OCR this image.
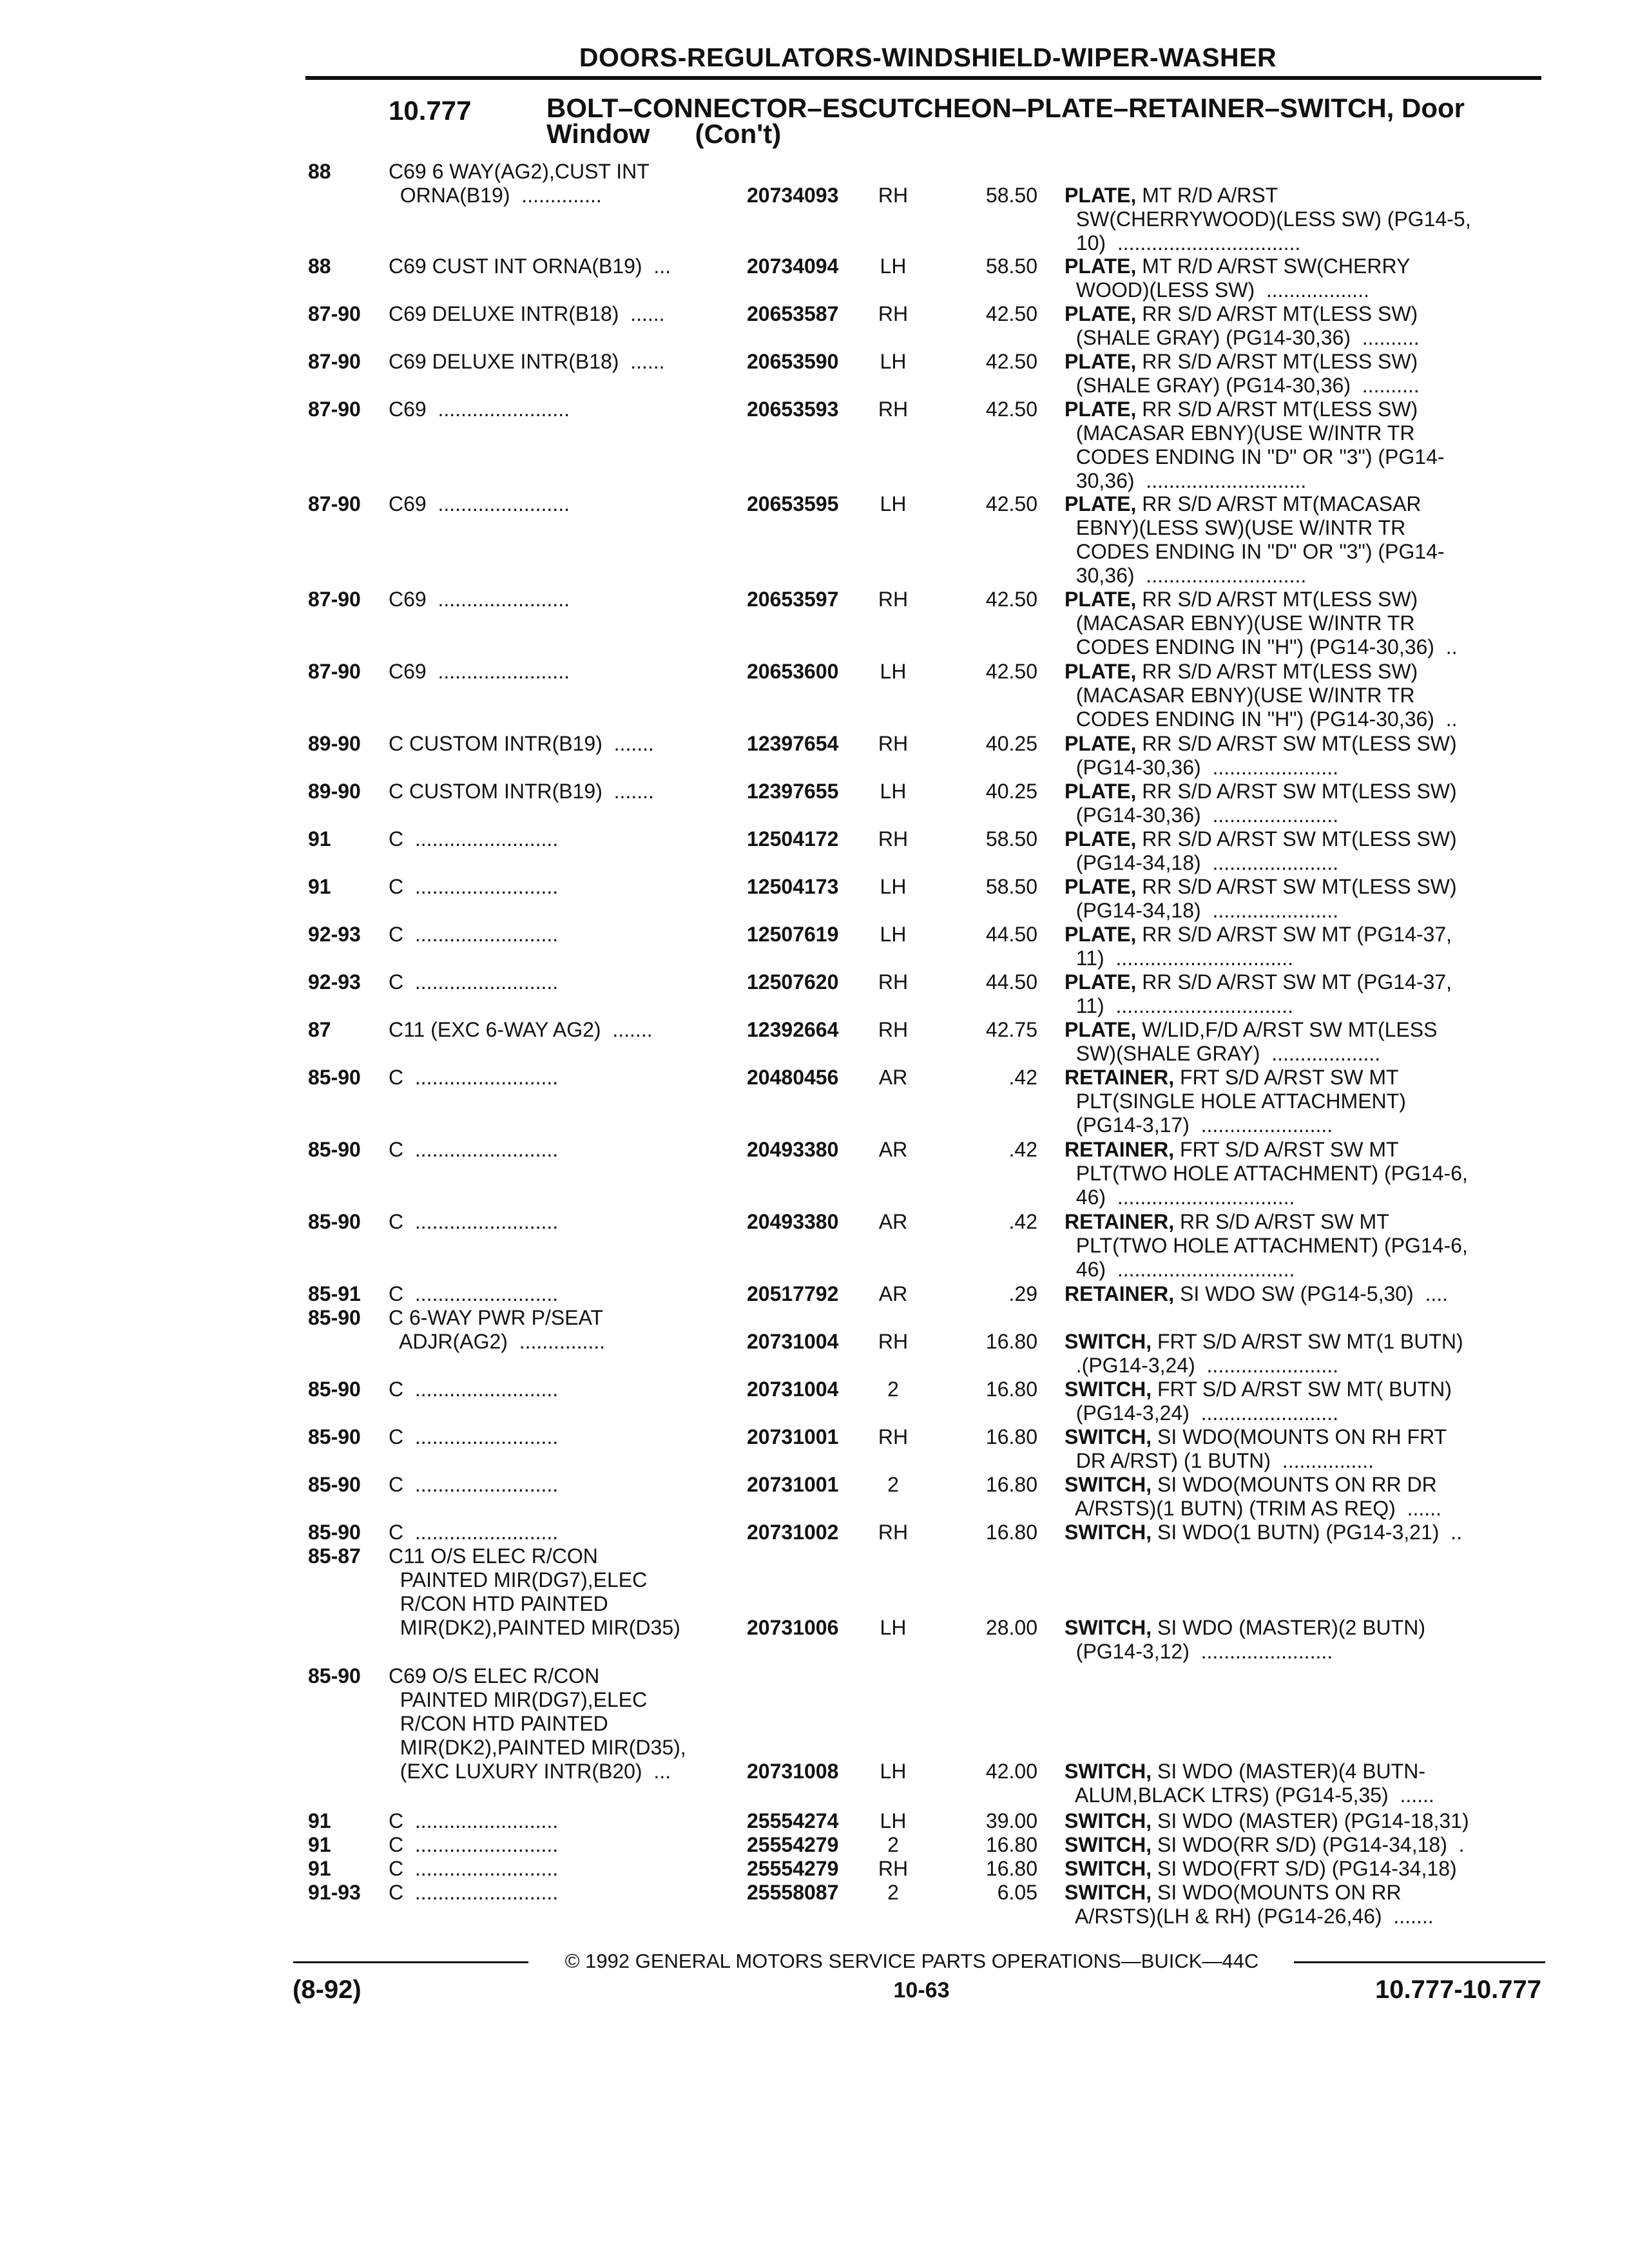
DOORS-REGULATORS-WINDSHIELD-WIPER-WASHER
10.777	BOLT–CONNECTOR–ESCUTCHEON–PLATE–RETAINER–SWITCH, Door
Window      (Con't)
88	C69 6 WAY(AG2),CUST INT
ORNA(B19)  ..............	20734093 RH	58.50 PLATE, MT R/D A/RST
SW(CHERRYWOOD)(LESS SW) (PG14-5,
10)  ................................
88	C69 CUST INT ORNA(B19)  ...	20734094 LH	58.50 PLATE, MT R/D A/RST SW(CHERRY
WOOD)(LESS SW)  ..................
87-90 C69 DELUXE INTR(B18)  ......	20653587 RH	42.50 PLATE, RR S/D A/RST MT(LESS SW)
(SHALE GRAY) (PG14-30,36)  ..........
87-90 C69 DELUXE INTR(B18)  ......	20653590 LH	42.50 PLATE, RR S/D A/RST MT(LESS SW)
(SHALE GRAY) (PG14-30,36)  ..........
87-90 C69  .......................	20653593 RH	42.50 PLATE, RR S/D A/RST MT(LESS SW)
(MACASAR EBNY)(USE W/INTR TR
CODES ENDING IN "D" OR "3") (PG14-
30,36)  ............................
87-90 C69  .......................	20653595 LH	42.50 PLATE, RR S/D A/RST MT(MACASAR
EBNY)(LESS SW)(USE W/INTR TR
CODES ENDING IN "D" OR "3") (PG14-
30,36)  ............................
87-90 C69  .......................	20653597 RH	42.50 PLATE, RR S/D A/RST MT(LESS SW)
(MACASAR EBNY)(USE W/INTR TR
CODES ENDING IN "H") (PG14-30,36)  ..
87-90 C69  .......................	20653600 LH	42.50 PLATE, RR S/D A/RST MT(LESS SW)
(MACASAR EBNY)(USE W/INTR TR
CODES ENDING IN "H") (PG14-30,36)  ..
89-90 C CUSTOM INTR(B19)  .......	12397654 RH	40.25 PLATE, RR S/D A/RST SW MT(LESS SW)
(PG14-30,36)  ......................
89-90 C CUSTOM INTR(B19)  .......	12397655 LH	40.25 PLATE, RR S/D A/RST SW MT(LESS SW)
(PG14-30,36)  ......................
91	C  .........................	12504172 RH	58.50 PLATE, RR S/D A/RST SW MT(LESS SW)
(PG14-34,18)  ......................
91	C  .........................	12504173 LH	58.50 PLATE, RR S/D A/RST SW MT(LESS SW)
(PG14-34,18)  ......................
92-93 C  .........................	12507619 LH	44.50 PLATE, RR S/D A/RST SW MT (PG14-37,
11)  ...............................
92-93 C  .........................	12507620 RH	44.50 PLATE, RR S/D A/RST SW MT (PG14-37,
11)  ...............................
87	C11 (EXC 6-WAY AG2)  .......	12392664 RH	42.75 PLATE, W/LID,F/D A/RST SW MT(LESS
SW)(SHALE GRAY)  ...................
85-90 C  .........................	20480456 AR	.42 RETAINER, FRT S/D A/RST SW MT
PLT(SINGLE HOLE ATTACHMENT)
(PG14-3,17)  .......................
85-90 C  .........................	20493380 AR	.42 RETAINER, FRT S/D A/RST SW MT
PLT(TWO HOLE ATTACHMENT) (PG14-6,
46)  ...............................
85-90 C  .........................	20493380 AR	.42 RETAINER, RR S/D A/RST SW MT
PLT(TWO HOLE ATTACHMENT) (PG14-6,
46)  ...............................
85-91 C  .........................	20517792 AR	.29 RETAINER, SI WDO SW (PG14-5,30)  ....
85-90 C 6-WAY PWR P/SEAT
ADJR(AG2)  ...............	20731004 RH	16.80 SWITCH, FRT S/D A/RST SW MT(1 BUTN)
.(PG14-3,24)  .......................
85-90 C  .........................	20731004	2	16.80 SWITCH, FRT S/D A/RST SW MT( BUTN)
(PG14-3,24)  ........................
85-90 C  .........................	20731001 RH	16.80 SWITCH, SI WDO(MOUNTS ON RH FRT
DR A/RST) (1 BUTN)  ................
85-90 C  .........................	20731001	2	16.80 SWITCH, SI WDO(MOUNTS ON RR DR
A/RSTS)(1 BUTN) (TRIM AS REQ)  ......
85-90 C  .........................	20731002 RH	16.80 SWITCH, SI WDO(1 BUTN) (PG14-3,21)  ..
85-87 C11 O/S ELEC R/CON
PAINTED MIR(DG7),ELEC
R/CON HTD PAINTED
MIR(DK2),PAINTED MIR(D35)	20731006 LH	28.00 SWITCH, SI WDO (MASTER)(2 BUTN)
(PG14-3,12)  .......................
85-90 C69 O/S ELEC R/CON
PAINTED MIR(DG7),ELEC
R/CON HTD PAINTED
MIR(DK2),PAINTED MIR(D35),
(EXC LUXURY INTR(B20)  ...	20731008 LH	42.00 SWITCH, SI WDO (MASTER)(4 BUTN-
ALUM,BLACK LTRS) (PG14-5,35)  ......
91	C  .........................	25554274 LH	39.00 SWITCH, SI WDO (MASTER) (PG14-18,31)
91	C  .........................	25554279	2	16.80 SWITCH, SI WDO(RR S/D) (PG14-34,18)  .
91	C  .........................	25554279 RH	16.80 SWITCH, SI WDO(FRT S/D) (PG14-34,18)
91-93 C  .........................	25558087	2	6.05 SWITCH, SI WDO(MOUNTS ON RR
A/RSTS)(LH & RH) (PG14-26,46)  .......
© 1992 GENERAL MOTORS SERVICE PARTS OPERATIONS—BUICK—44C
(8-92)	10-63	10.777-10.777
